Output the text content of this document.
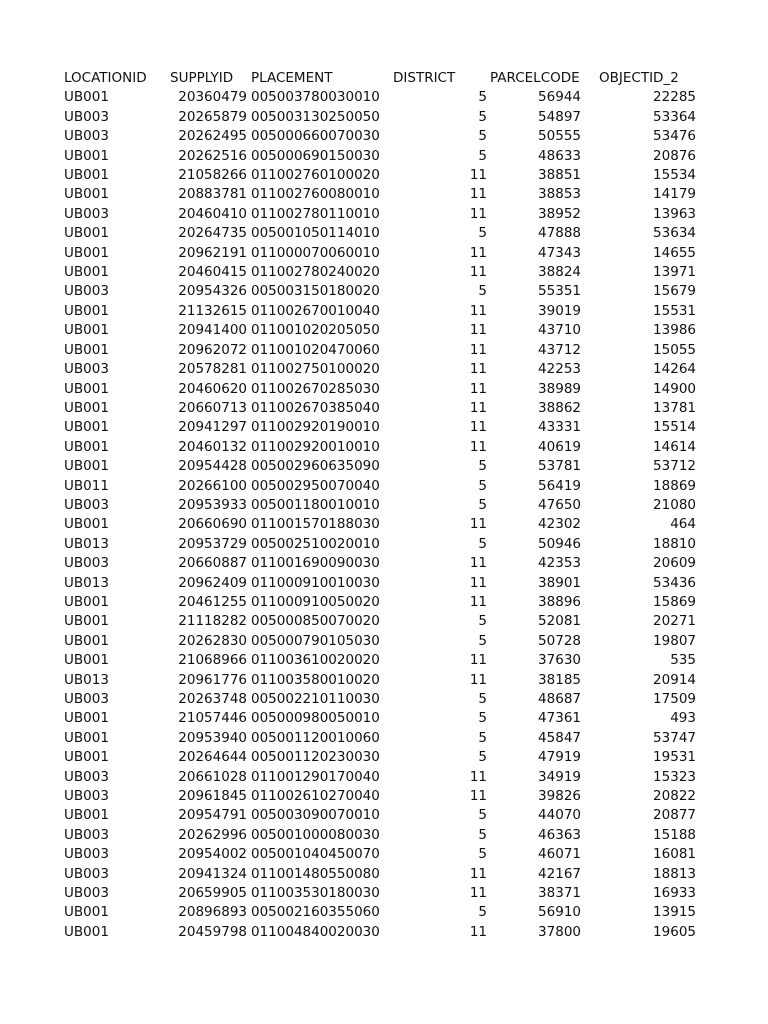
LOCATIONID SUPPLYID	PLACEMENT	DISTRICT	PARCELCODE OBJECTID_2
UB001	20360479 005003780030010	5	56944	22285
UB003	20265879 005003130250050	5	54897	53364
UB003	20262495 005000660070030	5	50555	53476
UB001	20262516 005000690150030	5	48633	20876
UB001	21058266 011002760100020	11	38851	15534
UB001	20883781 011002760080010	11	38853	14179
UB003	20460410 011002780110010	11	38952	13963
UB001	20264735 005001050114010	5	47888	53634
UB001	20962191 011000070060010	11	47343	14655
UB001	20460415 011002780240020	11	38824	13971
UB003	20954326 005003150180020	5	55351	15679
UB001	21132615 011002670010040	11	39019	15531
UB001	20941400 011001020205050	11	43710	13986
UB001	20962072 011001020470060	11	43712	15055
UB003	20578281 011002750100020	11	42253	14264
UB001	20460620 011002670285030	11	38989	14900
UB001	20660713 011002670385040	11	38862	13781
UB001	20941297 011002920190010	11	43331	15514
UB001	20460132 011002920010010	11	40619	14614
UB001	20954428 005002960635090	5	53781	53712
UB011	20266100 005002950070040	5	56419	18869
UB003	20953933 005001180010010	5	47650	21080
UB001	20660690 011001570188030	11	42302	464
UB013	20953729 005002510020010	5	50946	18810
UB003	20660887 011001690090030	11	42353	20609
UB013	20962409 011000910010030	11	38901	53436
UB001	20461255 011000910050020	11	38896	15869
UB001	21118282 005000850070020	5	52081	20271
UB001	20262830 005000790105030	5	50728	19807
UB001	21068966 011003610020020	11	37630	535
UB013	20961776 011003580010020	11	38185	20914
UB003	20263748 005002210110030	5	48687	17509
UB001	21057446 005000980050010	5	47361	493
UB001	20953940 005001120010060	5	45847	53747
UB001	20264644 005001120230030	5	47919	19531
UB003	20661028 011001290170040	11	34919	15323
UB003	20961845 011002610270040	11	39826	20822
UB001	20954791 005003090070010	5	44070	20877
UB003	20262996 005001000080030	5	46363	15188
UB003	20954002 005001040450070	5	46071	16081
UB003	20941324 011001480550080	11	42167	18813
UB003	20659905 011003530180030	11	38371	16933
UB001	20896893 005002160355060	5	56910	13915
UB001	20459798 011004840020030	11	37800	19605
